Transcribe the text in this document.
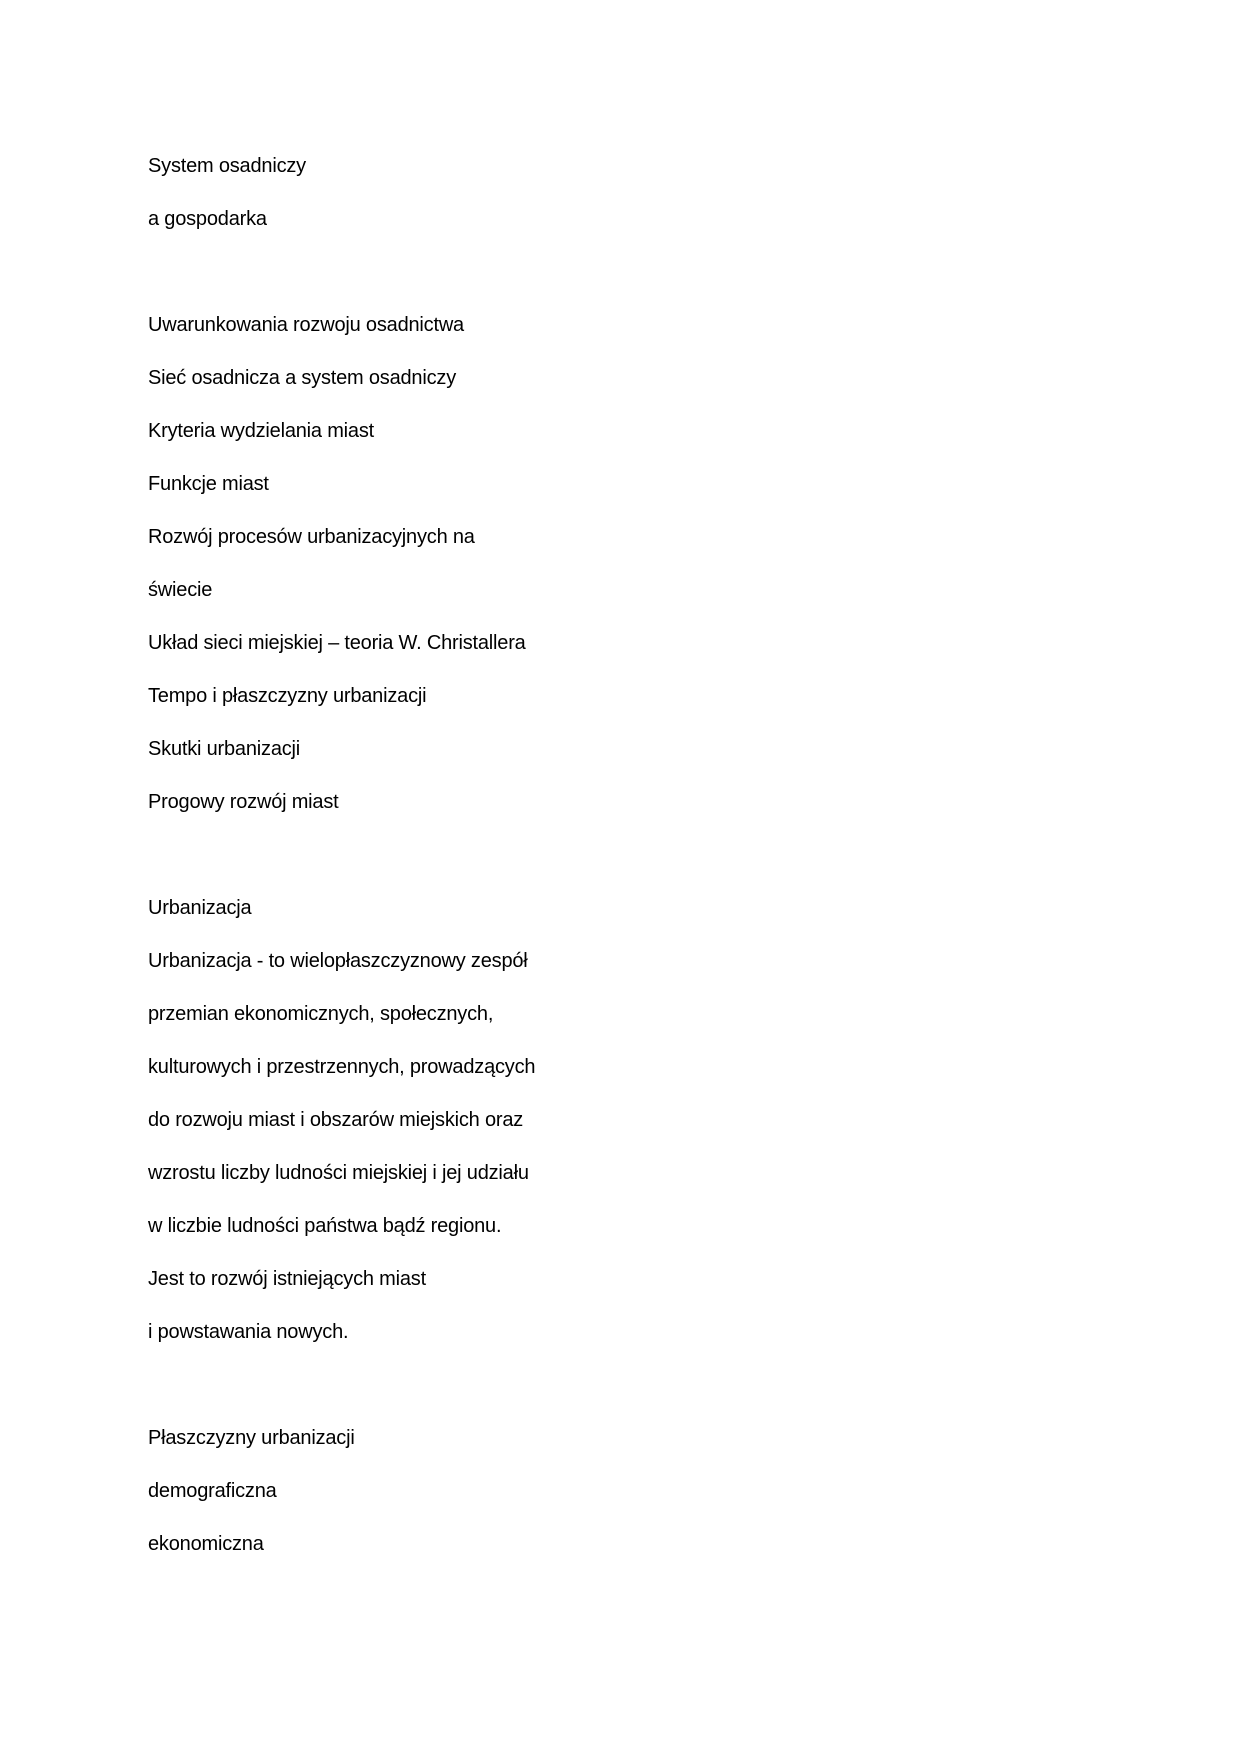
System osadniczy
a gospodarka
Uwarunkowania rozwoju osadnictwa
Sieć osadnicza a system osadniczy
Kryteria wydzielania miast
Funkcje miast
Rozwój procesów urbanizacyjnych na
świecie
Układ sieci miejskiej – teoria W. Christallera
Tempo i płaszczyzny urbanizacji
Skutki urbanizacji
Progowy rozwój miast
Urbanizacja
Urbanizacja - to wielopłaszczyznowy zespół
przemian ekonomicznych, społecznych,
kulturowych i przestrzennych, prowadzących
do rozwoju miast i obszarów miejskich oraz
wzrostu liczby ludności miejskiej i jej udziału
w liczbie ludności państwa bądź regionu.
Jest to rozwój istniejących miast
i powstawania nowych.
Płaszczyzny urbanizacji
demograficzna
ekonomiczna
